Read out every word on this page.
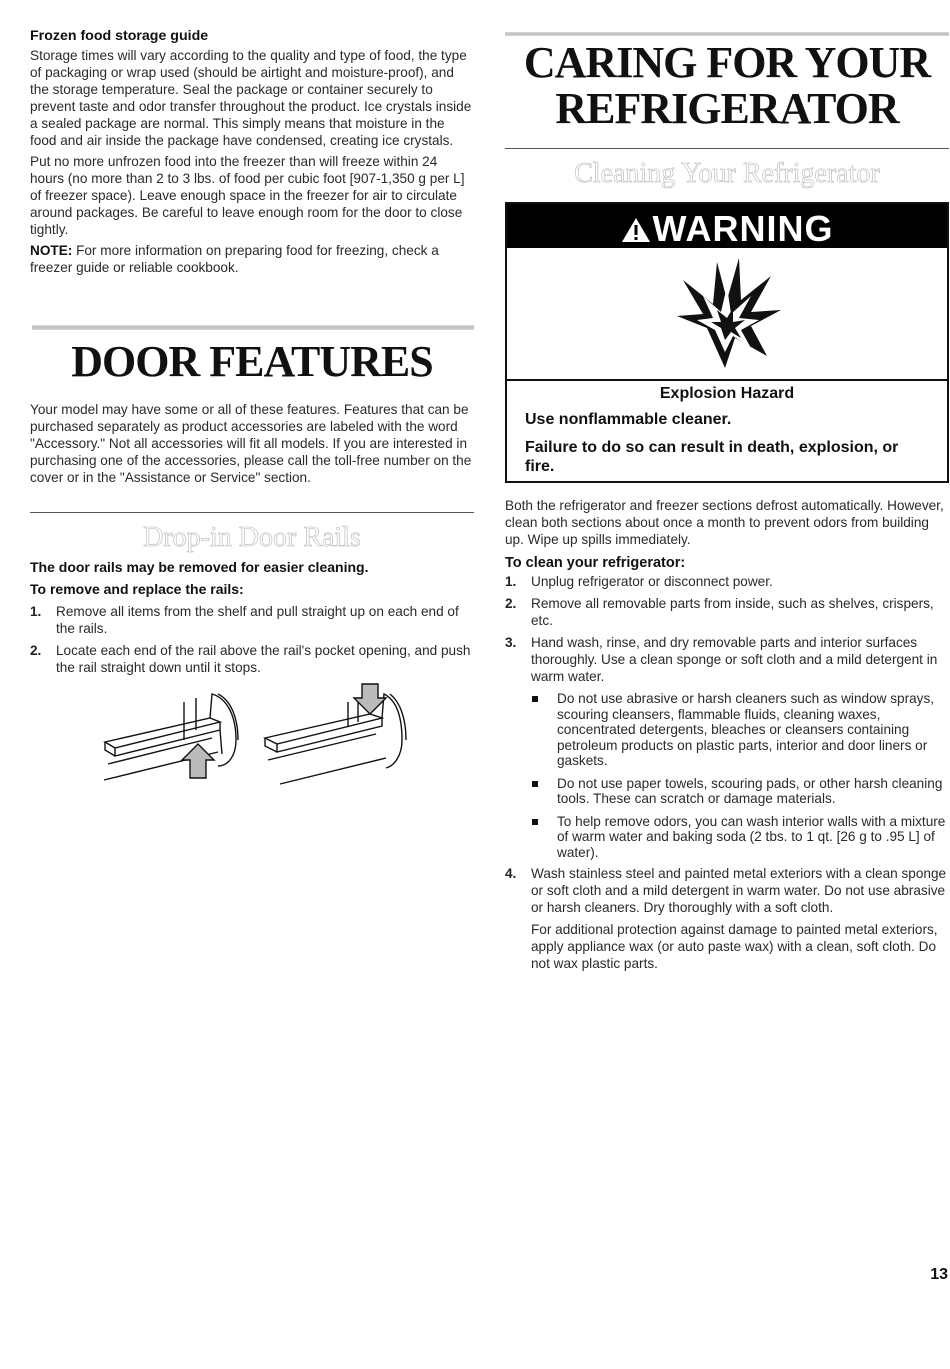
Frozen food storage guide

Storage times will vary according to the quality and type of food, the type of packaging or wrap used (should be airtight and moisture-proof), and the storage temperature. Seal the package or container securely to prevent taste and odor transfer throughout the product. Ice crystals inside a sealed package are normal. This simply means that moisture in the food and air inside the package have condensed, creating ice crystals.

Put no more unfrozen food into the freezer than will freeze within 24 hours (no more than 2 to 3 lbs. of food per cubic foot [907-1,350 g per L] of freezer space). Leave enough space in the freezer for air to circulate around packages. Be careful to leave enough room for the door to close tightly.

NOTE: For more information on preparing food for freezing, check a freezer guide or reliable cookbook.

DOOR FEATURES

Your model may have some or all of these features. Features that can be purchased separately as product accessories are labeled with the word "Accessory." Not all accessories will fit all models. If you are interested in purchasing one of the accessories, please call the toll-free number on the cover or in the "Assistance or Service" section.

Drop-in Door Rails
The door rails may be removed for easier cleaning.
To remove and replace the rails:
1. Remove all items from the shelf and pull straight up on each end of the rails.
2. Locate each end of the rail above the rail's pocket opening, and push the rail straight down until it stops.
CARING FOR YOUR
REFRIGERATOR
Cleaning Your Refrigerator
WARNING
Explosion Hazard
Use nonflammable cleaner.
Failure to do so can result in death, explosion, or fire.

Both the refrigerator and freezer sections defrost automatically. However, clean both sections about once a month to prevent odors from building up. Wipe up spills immediately.

To clean your refrigerator:
1. Unplug refrigerator or disconnect power.
2. Remove all removable parts from inside, such as shelves, crispers, etc.
3. Hand wash, rinse, and dry removable parts and interior surfaces thoroughly. Use a clean sponge or soft cloth and a mild detergent in warm water.
Do not use abrasive or harsh cleaners such as window sprays, scouring cleansers, flammable fluids, cleaning waxes, concentrated detergents, bleaches or cleansers containing petroleum products on plastic parts, interior and door liners or gaskets.
Do not use paper towels, scouring pads, or other harsh cleaning tools. These can scratch or damage materials.
To help remove odors, you can wash interior walls with a mixture of warm water and baking soda (2 tbs. to 1 qt. [26 g to .95 L] of water).
4. Wash stainless steel and painted metal exteriors with a clean sponge or soft cloth and a mild detergent in warm water. Do not use abrasive or harsh cleaners. Dry thoroughly with a soft cloth.

For additional protection against damage to painted metal exteriors, apply appliance wax (or auto paste wax) with a clean, soft cloth. Do not wax plastic parts.

13
